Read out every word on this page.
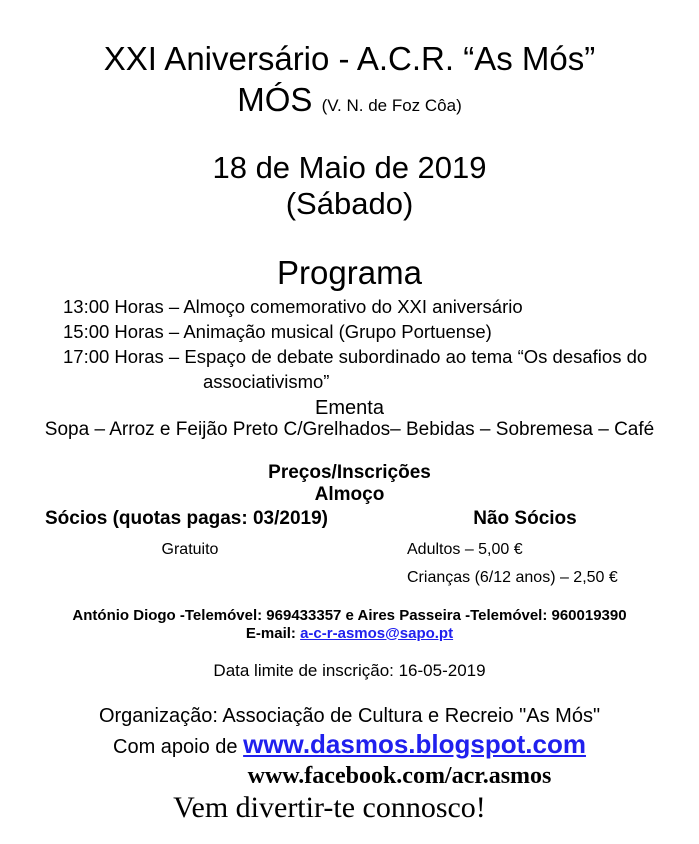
XXI Aniversário - A.C.R. “As Mós”
MÓS (V. N. de Foz Côa)
18 de Maio de 2019
(Sábado)
Programa
13:00 Horas – Almoço comemorativo do XXI aniversário
15:00 Horas – Animação musical (Grupo Portuense)
17:00 Horas – Espaço de debate subordinado ao tema “Os desafios do
associativismo”
Ementa
Sopa – Arroz e Feijão Preto C/Grelhados– Bebidas – Sobremesa – Café
Preços/Inscrições
Almoço
Sócios (quotas pagas: 03/2019)
Gratuito
Não Sócios
Adultos – 5,00 €
Crianças (6/12 anos) – 2,50 €
António Diogo -Telemóvel: 969433357 e Aires Passeira -Telemóvel: 960019390
E-mail: a-c-r-asmos@sapo.pt
Data limite de inscrição: 16-05-2019
Organização: Associação de Cultura e Recreio "As Mós"
Com apoio de www.dasmos.blogspot.com
www.facebook.com/acr.asmos
Vem divertir-te connosco!
